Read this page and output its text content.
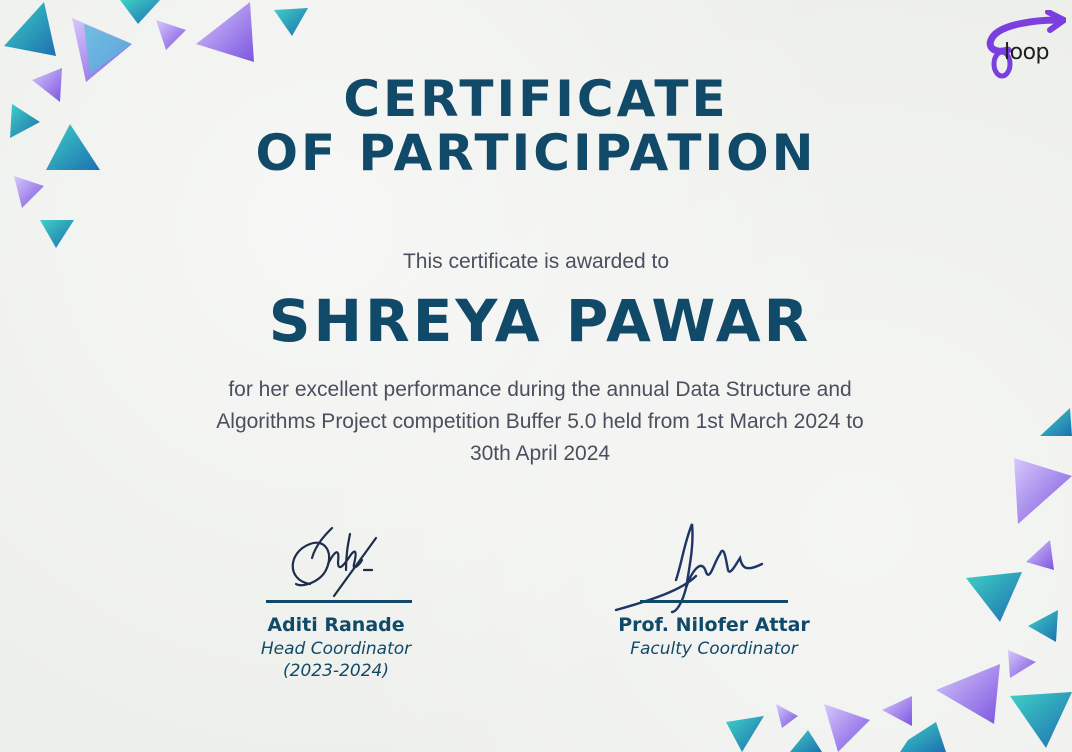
loop
CERTIFICATE
OF PARTICIPATION
This certificate is awarded to
SHREYA PAWAR
for her excellent performance during the annual Data Structure and
Algorithms Project competition Buffer 5.0 held from 1st March 2024 to
30th April 2024
Aditi Ranade
Head Coordinator
(2023-2024)
Prof. Nilofer Attar
Faculty Coordinator
